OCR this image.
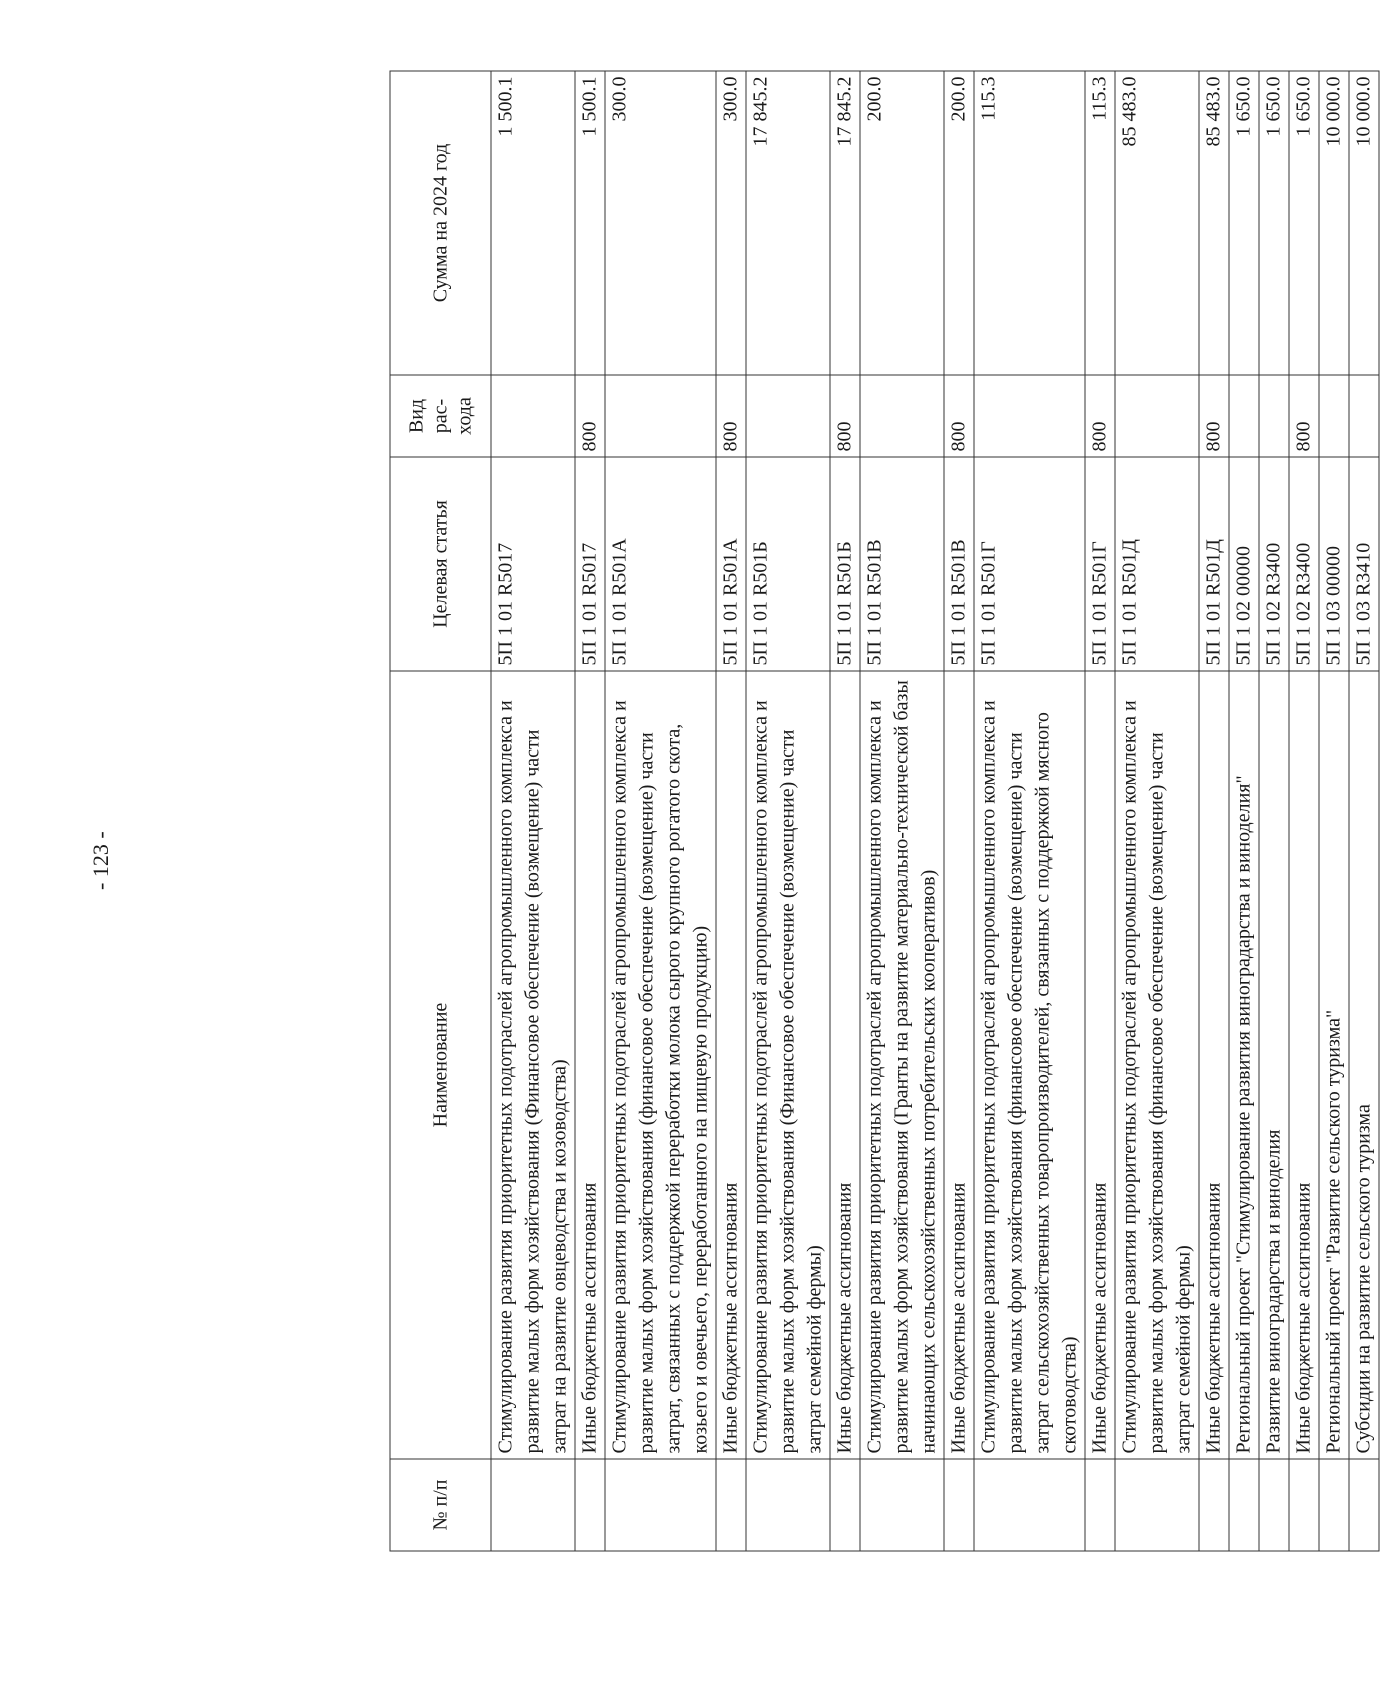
- 123 -
№ п/п	Наименование	Целевая статья	Вид рас-хода	Сумма на 2024 год
	Стимулирование развития приоритетных подотраслей агропромышленного комплекса и развитие малых форм хозяйствования (Финансовое обеспечение (возмещение) части затрат на развитие овцеводства и козоводства)	5П 1 01 R5017		1 500.1
	Иные бюджетные ассигнования	5П 1 01 R5017	800	1 500.1
	Стимулирование развития приоритетных подотраслей агропромышленного комплекса и развитие малых форм хозяйствования (финансовое обеспечение (возмещение) части затрат, связанных с поддержкой переработки молока сырого крупного рогатого скота, козьего и овечьего, переработанного на пищевую продукцию)	5П 1 01 R501А		300.0
	Иные бюджетные ассигнования	5П 1 01 R501А	800	300.0
	Стимулирование развития приоритетных подотраслей агропромышленного комплекса и развитие малых форм хозяйствования (Финансовое обеспечение (возмещение) части затрат семейной фермы)	5П 1 01 R501Б		17 845.2
	Иные бюджетные ассигнования	5П 1 01 R501Б	800	17 845.2
	Стимулирование развития приоритетных подотраслей агропромышленного комплекса и развитие малых форм хозяйствования (Гранты на развитие материально-технической базы начинающих сельскохозяйственных потребительских кооперативов)	5П 1 01 R501В		200.0
	Иные бюджетные ассигнования	5П 1 01 R501В	800	200.0
	Стимулирование развития приоритетных подотраслей агропромышленного комплекса и развитие малых форм хозяйствования (финансовое обеспечение (возмещение) части затрат сельскохозяйственных товаропроизводителей, связанных с поддержкой мясного скотоводства)	5П 1 01 R501Г		115.3
	Иные бюджетные ассигнования	5П 1 01 R501Г	800	115.3
	Стимулирование развития приоритетных подотраслей агропромышленного комплекса и развитие малых форм хозяйствования (финансовое обеспечение (возмещение) части затрат семейной фермы)	5П 1 01 R501Д		85 483.0
	Иные бюджетные ассигнования	5П 1 01 R501Д	800	85 483.0
	Региональный проект "Стимулирование развития виноградарства и виноделия"	5П 1 02 00000		1 650.0
	Развитие виноградарства и виноделия	5П 1 02 R3400		1 650.0
	Иные бюджетные ассигнования	5П 1 02 R3400	800	1 650.0
	Региональный проект "Развитие сельского туризма"	5П 1 03 00000		10 000.0
	Субсидии на развитие сельского туризма	5П 1 03 R3410		10 000.0
